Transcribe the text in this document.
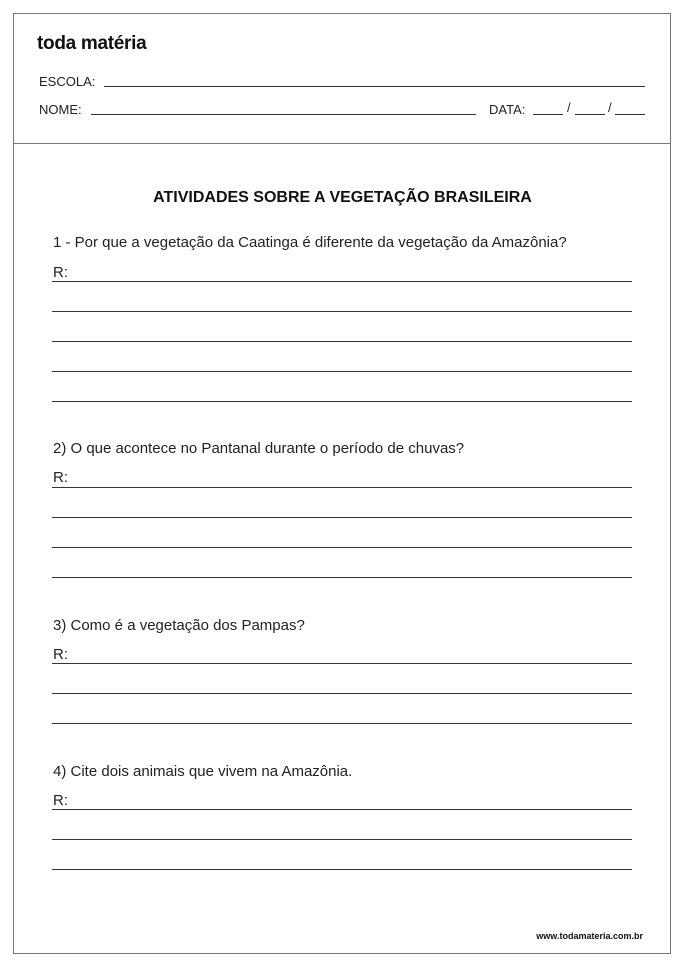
toda matéria
ESCOLA:
NOME:	DATA:	/	/
ATIVIDADES SOBRE A VEGETAÇÃO BRASILEIRA
1 - Por que a vegetação da Caatinga é diferente da vegetação da Amazônia?
R:
2) O que acontece no Pantanal durante o período de chuvas?
R:
3) Como é a vegetação dos Pampas?
R:
4) Cite dois animais que vivem na Amazônia.
R:
www.todamateria.com.br
